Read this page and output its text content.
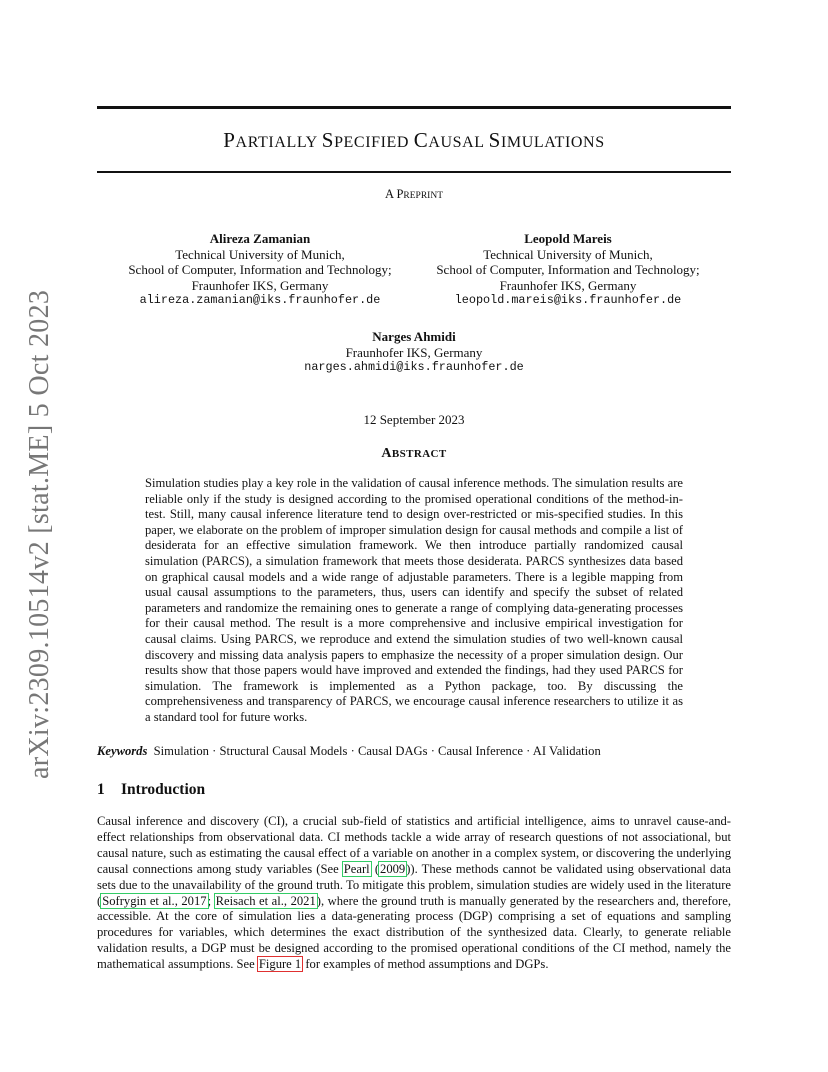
arXiv:2309.10514v2 [stat.ME] 5 Oct 2023
PARTIALLY SPECIFIED CAUSAL SIMULATIONS
A PREPRINT
Alireza Zamanian
Technical University of Munich,
School of Computer, Information and Technology;
Fraunhofer IKS, Germany
alireza.zamanian@iks.fraunhofer.de
Leopold Mareis
Technical University of Munich,
School of Computer, Information and Technology;
Fraunhofer IKS, Germany
leopold.mareis@iks.fraunhofer.de
Narges Ahmidi
Fraunhofer IKS, Germany
narges.ahmidi@iks.fraunhofer.de
12 September 2023
ABSTRACT
Simulation studies play a key role in the validation of causal inference methods. The simulation results are reliable only if the study is designed according to the promised operational conditions of the method-in-test. Still, many causal inference literature tend to design over-restricted or mis-specified studies. In this paper, we elaborate on the problem of improper simulation design for causal methods and compile a list of desiderata for an effective simulation framework. We then introduce partially randomized causal simulation (PARCS), a simulation framework that meets those desiderata. PARCS synthesizes data based on graphical causal models and a wide range of adjustable parameters. There is a legible mapping from usual causal assumptions to the parameters, thus, users can identify and specify the subset of related parameters and randomize the remaining ones to generate a range of complying data-generating processes for their causal method. The result is a more comprehensive and inclusive empirical investigation for causal claims. Using PARCS, we reproduce and extend the simulation studies of two well-known causal discovery and missing data analysis papers to emphasize the necessity of a proper simulation design. Our results show that those papers would have improved and extended the findings, had they used PARCS for simulation. The framework is implemented as a Python package, too. By discussing the comprehensiveness and transparency of PARCS, we encourage causal inference researchers to utilize it as a standard tool for future works.
Keywords Simulation · Structural Causal Models · Causal DAGs · Causal Inference · AI Validation
1 Introduction
Causal inference and discovery (CI), a crucial sub-field of statistics and artificial intelligence, aims to unravel cause-and-effect relationships from observational data. CI methods tackle a wide array of research questions of not associational, but causal nature, such as estimating the causal effect of a variable on another in a complex system, or discovering the underlying causal connections among study variables (See Pearl (2009)). These methods cannot be validated using observational data sets due to the unavailability of the ground truth. To mitigate this problem, simulation studies are widely used in the literature (Sofrygin et al., 2017; Reisach et al., 2021), where the ground truth is manually generated by the researchers and, therefore, accessible. At the core of simulation lies a data-generating process (DGP) comprising a set of equations and sampling procedures for variables, which determines the exact distribution of the synthesized data. Clearly, to generate reliable validation results, a DGP must be designed according to the promised operational conditions of the CI method, namely the mathematical assumptions. See Figure 1 for examples of method assumptions and DGPs.
